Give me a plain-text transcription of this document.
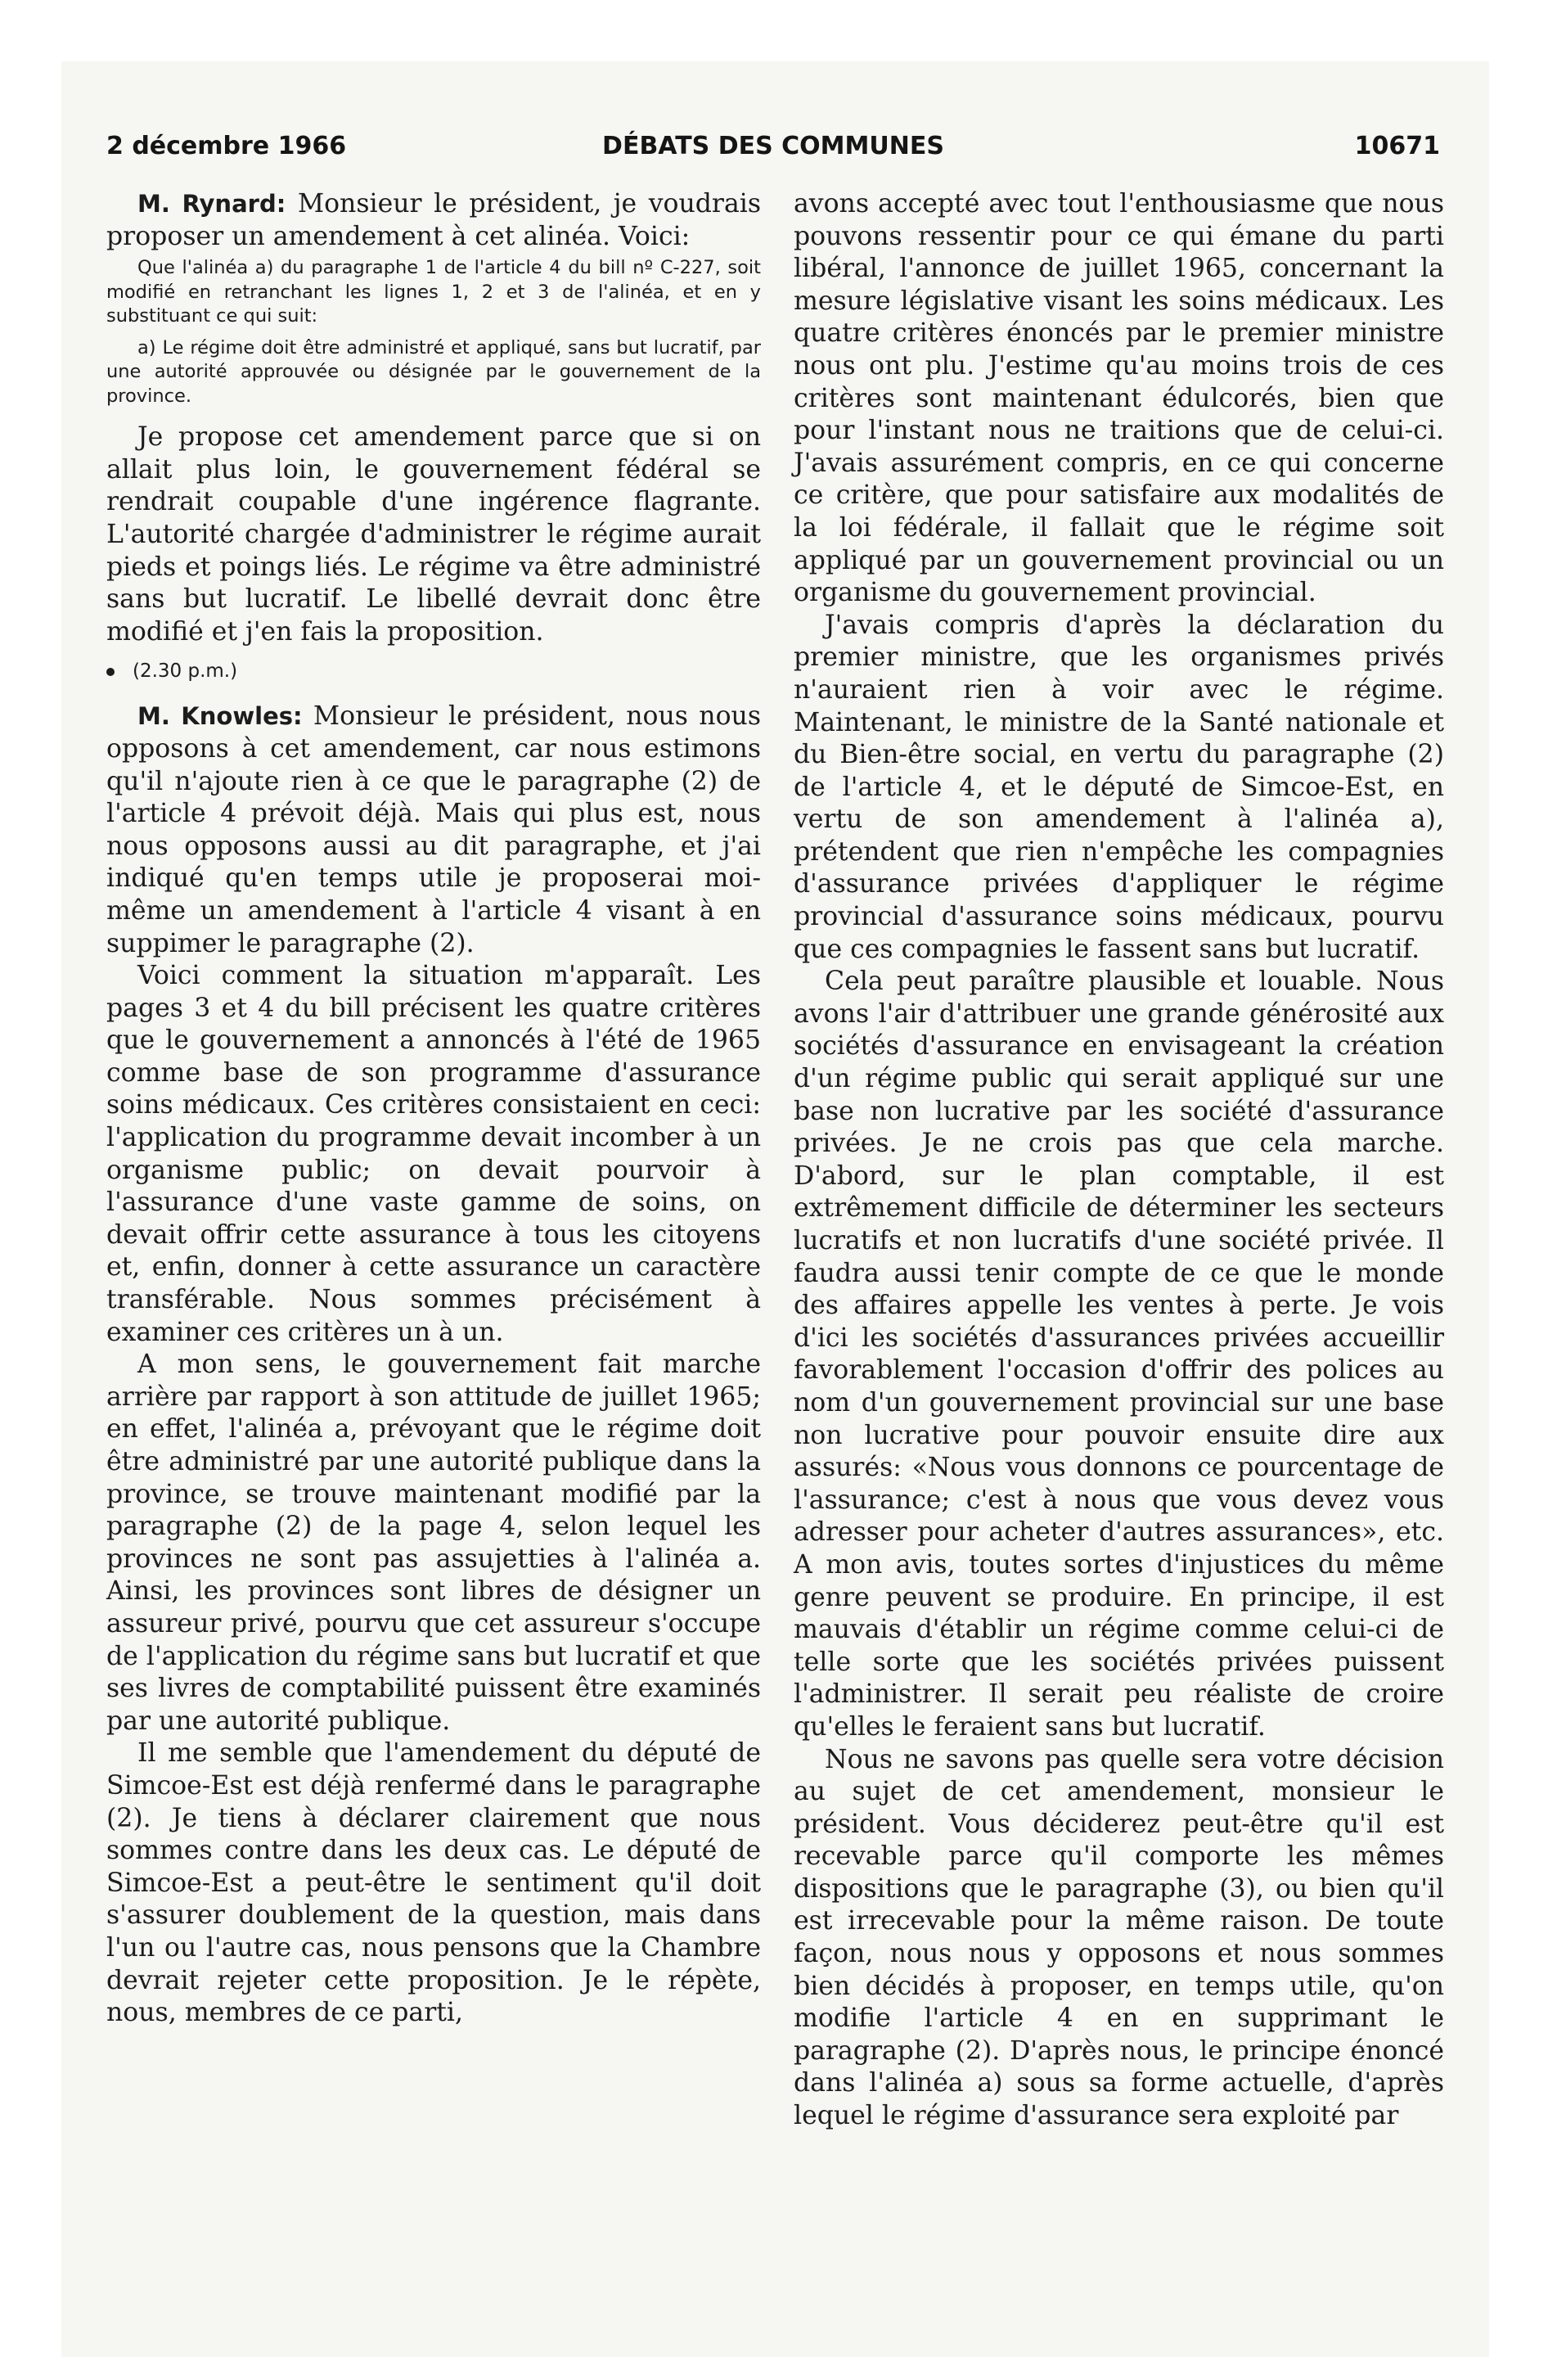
2 décembre 1966	DÉBATS DES COMMUNES	10671

M. Rynard: Monsieur le président, je voudrais proposer un amendement à cet alinéa. Voici:

Que l'alinéa a) du paragraphe 1 de l'article 4 du bill nº C-227, soit modifié en retranchant les lignes 1, 2 et 3 de l'alinéa, et en y substituant ce qui suit:

a) Le régime doit être administré et appliqué, sans but lucratif, par une autorité approuvée ou désignée par le gouvernement de la province.

Je propose cet amendement parce que si on allait plus loin, le gouvernement fédéral se rendrait coupable d'une ingérence flagrante. L'autorité chargée d'administrer le régime aurait pieds et poings liés. Le régime va être administré sans but lucratif. Le libellé devrait donc être modifié et j'en fais la proposition.

(2.30 p.m.)

M. Knowles: Monsieur le président, nous nous opposons à cet amendement, car nous estimons qu'il n'ajoute rien à ce que le paragraphe (2) de l'article 4 prévoit déjà. Mais qui plus est, nous nous opposons aussi au dit paragraphe, et j'ai indiqué qu'en temps utile je proposerai moi-même un amendement à l'article 4 visant à en suppimer le paragraphe (2).

Voici comment la situation m'apparaît. Les pages 3 et 4 du bill précisent les quatre critères que le gouvernement a annoncés à l'été de 1965 comme base de son programme d'assurance soins médicaux. Ces critères consistaient en ceci: l'application du programme devait incomber à un organisme public; on devait pourvoir à l'assurance d'une vaste gamme de soins, on devait offrir cette assurance à tous les citoyens et, enfin, donner à cette assurance un caractère transférable. Nous sommes précisément à examiner ces critères un à un.

A mon sens, le gouvernement fait marche arrière par rapport à son attitude de juillet 1965; en effet, l'alinéa a, prévoyant que le régime doit être administré par une autorité publique dans la province, se trouve maintenant modifié par la paragraphe (2) de la page 4, selon lequel les provinces ne sont pas assujetties à l'alinéa a. Ainsi, les provinces sont libres de désigner un assureur privé, pourvu que cet assureur s'occupe de l'application du régime sans but lucratif et que ses livres de comptabilité puissent être examinés par une autorité publique.

Il me semble que l'amendement du député de Simcoe-Est est déjà renfermé dans le paragraphe (2). Je tiens à déclarer clairement que nous sommes contre dans les deux cas. Le député de Simcoe-Est a peut-être le sentiment qu'il doit s'assurer doublement de la question, mais dans l'un ou l'autre cas, nous pensons que la Chambre devrait rejeter cette proposition. Je le répète, nous, membres de ce parti,

avons accepté avec tout l'enthousiasme que nous pouvons ressentir pour ce qui émane du parti libéral, l'annonce de juillet 1965, concernant la mesure législative visant les soins médicaux. Les quatre critères énoncés par le premier ministre nous ont plu. J'estime qu'au moins trois de ces critères sont maintenant édulcorés, bien que pour l'instant nous ne traitions que de celui-ci. J'avais assurément compris, en ce qui concerne ce critère, que pour satisfaire aux modalités de la loi fédérale, il fallait que le régime soit appliqué par un gouvernement provincial ou un organisme du gouvernement provincial.

J'avais compris d'après la déclaration du premier ministre, que les organismes privés n'auraient rien à voir avec le régime. Maintenant, le ministre de la Santé nationale et du Bien-être social, en vertu du paragraphe (2) de l'article 4, et le député de Simcoe-Est, en vertu de son amendement à l'alinéa a), prétendent que rien n'empêche les compagnies d'assurance privées d'appliquer le régime provincial d'assurance soins médicaux, pourvu que ces compagnies le fassent sans but lucratif.

Cela peut paraître plausible et louable. Nous avons l'air d'attribuer une grande générosité aux sociétés d'assurance en envisageant la création d'un régime public qui serait appliqué sur une base non lucrative par les société d'assurance privées. Je ne crois pas que cela marche. D'abord, sur le plan comptable, il est extrêmement difficile de déterminer les secteurs lucratifs et non lucratifs d'une société privée. Il faudra aussi tenir compte de ce que le monde des affaires appelle les ventes à perte. Je vois d'ici les sociétés d'assurances privées accueillir favorablement l'occasion d'offrir des polices au nom d'un gouvernement provincial sur une base non lucrative pour pouvoir ensuite dire aux assurés: «Nous vous donnons ce pourcentage de l'assurance; c'est à nous que vous devez vous adresser pour acheter d'autres assurances», etc. A mon avis, toutes sortes d'injustices du même genre peuvent se produire. En principe, il est mauvais d'établir un régime comme celui-ci de telle sorte que les sociétés privées puissent l'administrer. Il serait peu réaliste de croire qu'elles le feraient sans but lucratif.

Nous ne savons pas quelle sera votre décision au sujet de cet amendement, monsieur le président. Vous déciderez peut-être qu'il est recevable parce qu'il comporte les mêmes dispositions que le paragraphe (3), ou bien qu'il est irrecevable pour la même raison. De toute façon, nous nous y opposons et nous sommes bien décidés à proposer, en temps utile, qu'on modifie l'article 4 en en supprimant le paragraphe (2). D'après nous, le principe énoncé dans l'alinéa a) sous sa forme actuelle, d'après lequel le régime d'assurance sera exploité par
